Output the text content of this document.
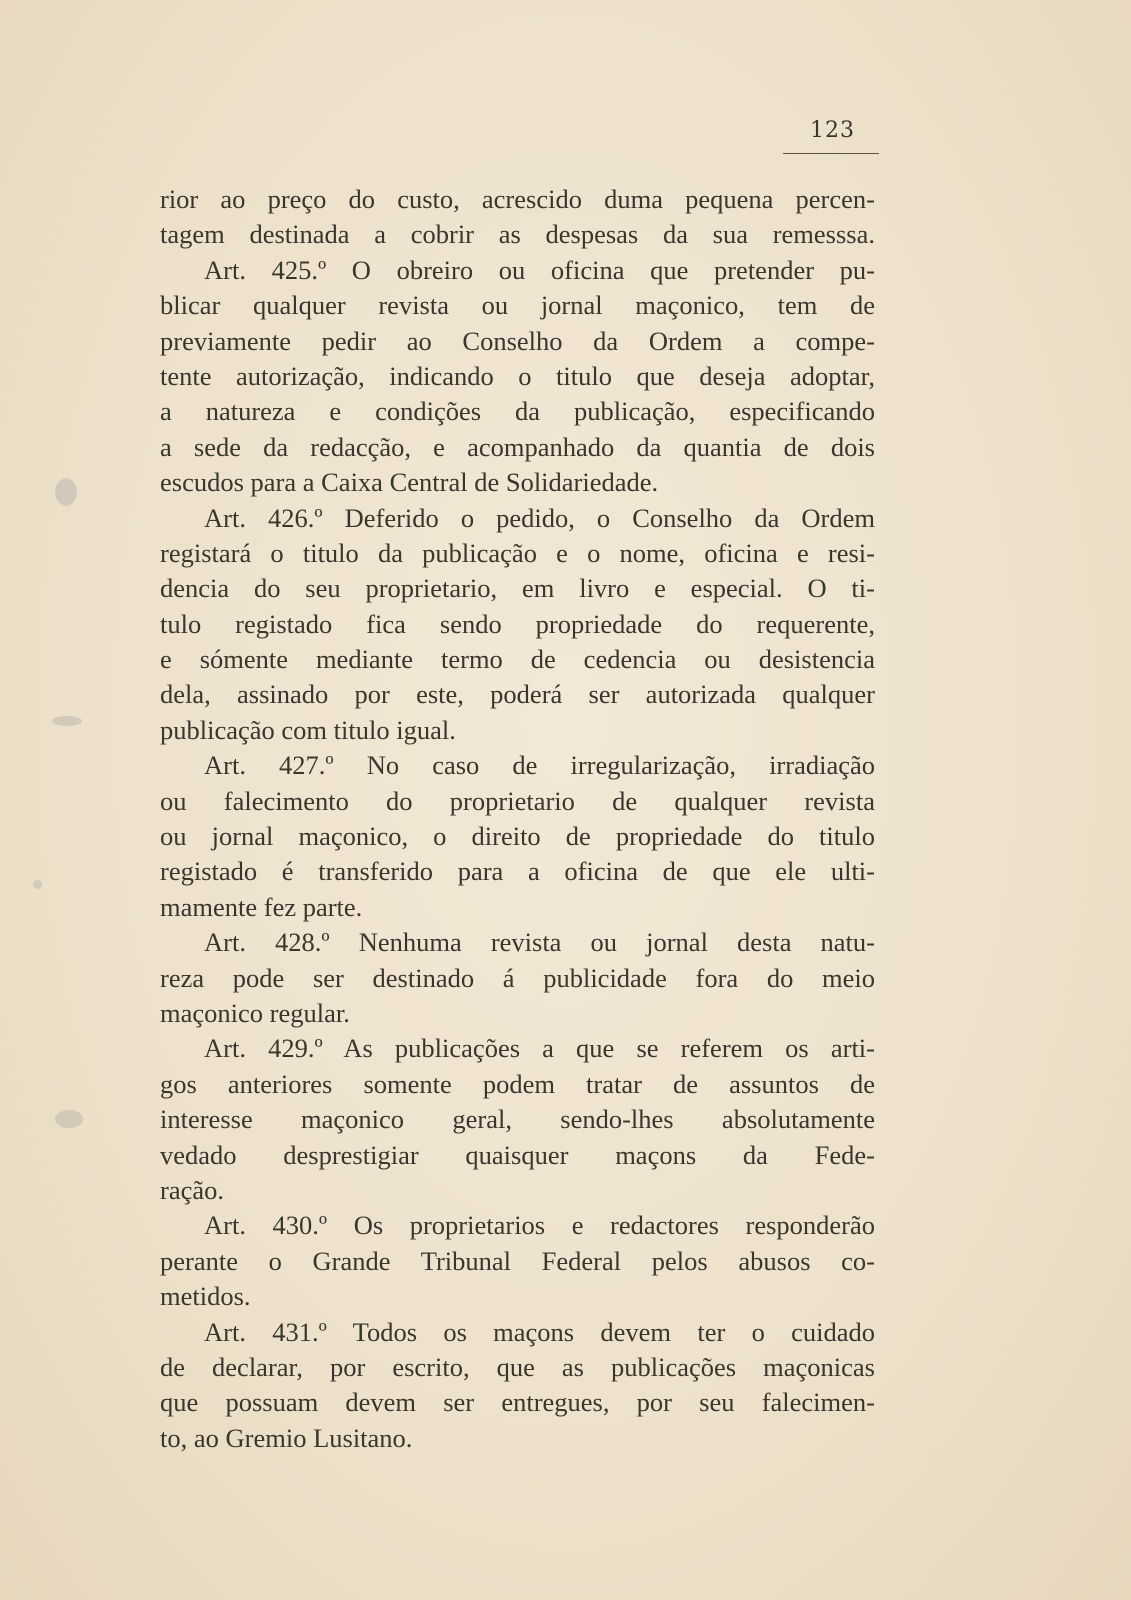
123
rior ao preço do custo, acrescido duma pequena percen-
tagem destinada a cobrir as despesas da sua remesssa.
Art. 425.º O obreiro ou oficina que pretender pu-
blicar qualquer revista ou jornal maçonico, tem de
previamente pedir ao Conselho da Ordem a compe-
tente autorização, indicando o titulo que deseja adoptar,
a natureza e condições da publicação, especificando
a sede da redacção, e acompanhado da quantia de dois
escudos para a Caixa Central de Solidariedade.
Art. 426.º Deferido o pedido, o Conselho da Ordem
registará o titulo da publicação e o nome, oficina e resi-
dencia do seu proprietario, em livro e especial. O ti-
tulo registado fica sendo propriedade do requerente,
e sómente mediante termo de cedencia ou desistencia
dela, assinado por este, poderá ser autorizada qualquer
publicação com titulo igual.
Art. 427.º No caso de irregularização, irradiação
ou falecimento do proprietario de qualquer revista
ou jornal maçonico, o direito de propriedade do titulo
registado é transferido para a oficina de que ele ulti-
mamente fez parte.
Art. 428.º Nenhuma revista ou jornal desta natu-
reza pode ser destinado á publicidade fora do meio
maçonico regular.
Art. 429.º As publicações a que se referem os arti-
gos anteriores somente podem tratar de assuntos de
interesse maçonico geral, sendo-lhes absolutamente
vedado desprestigiar quaisquer maçons da Fede-
ração.
Art. 430.º Os proprietarios e redactores responderão
perante o Grande Tribunal Federal pelos abusos co-
metidos.
Art. 431.º Todos os maçons devem ter o cuidado
de declarar, por escrito, que as publicações maçonicas
que possuam devem ser entregues, por seu falecimen-
to, ao Gremio Lusitano.
